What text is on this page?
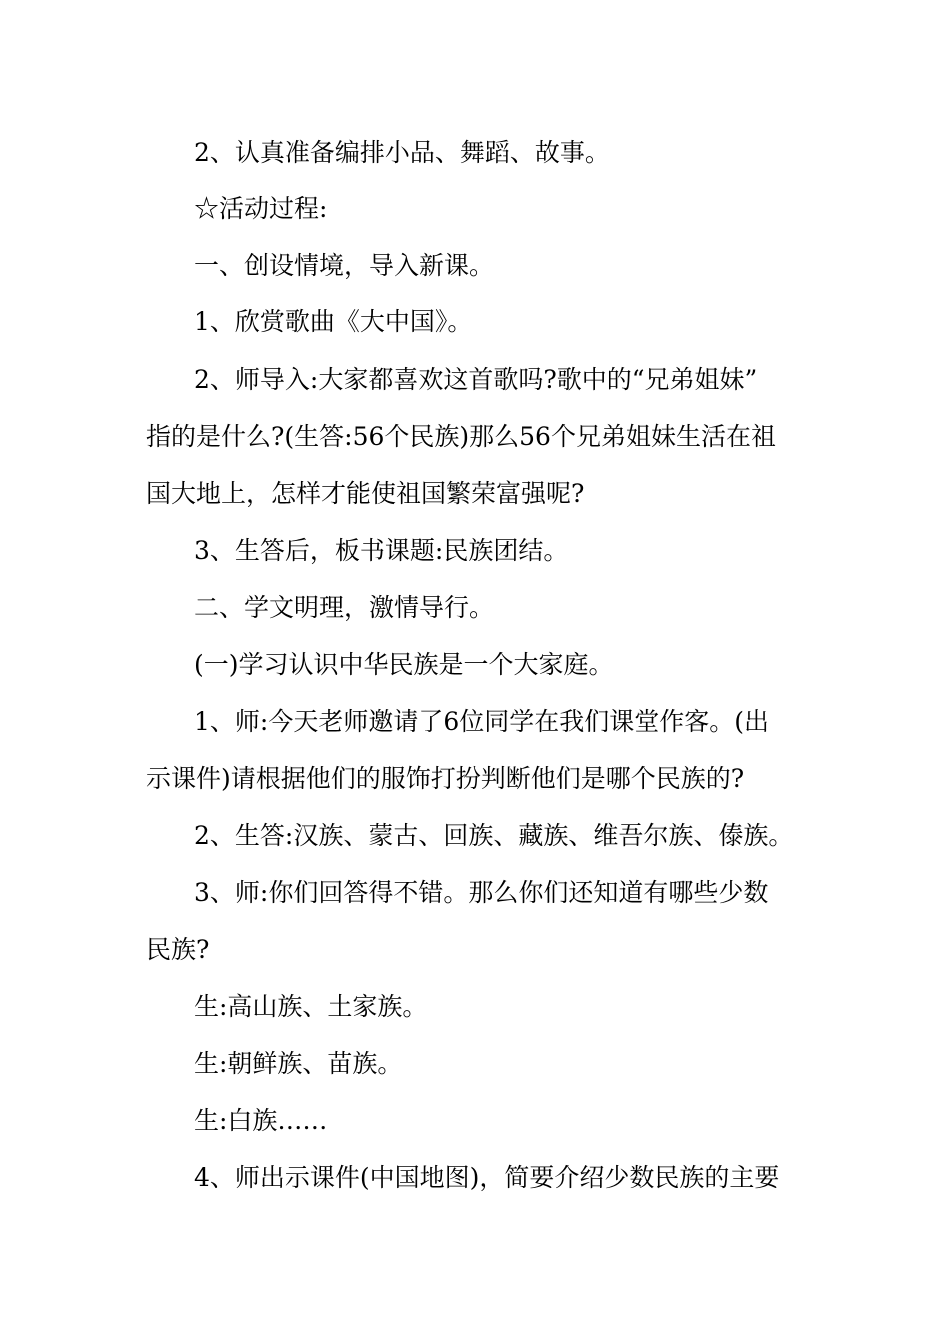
2、认真准备编排小品、舞蹈、故事。
☆活动过程:
一、创设情境，导入新课。
1、欣赏歌曲《大中国》。
2、师导入:大家都喜欢这首歌吗?歌中的“兄弟姐妹”
指的是什么?(生答:56个民族)那么56个兄弟姐妹生活在祖
国大地上，怎样才能使祖国繁荣富强呢?
3、生答后，板书课题:民族团结。
二、学文明理，激情导行。
(一)学习认识中华民族是一个大家庭。
1、师:今天老师邀请了6位同学在我们课堂作客。(出
示课件)请根据他们的服饰打扮判断他们是哪个民族的?
2、生答:汉族、蒙古、回族、藏族、维吾尔族、傣族。
3、师:你们回答得不错。那么你们还知道有哪些少数
民族?
生:高山族、土家族。
生:朝鲜族、苗族。
生:白族……
4、师出示课件(中国地图)，简要介绍少数民族的主要
